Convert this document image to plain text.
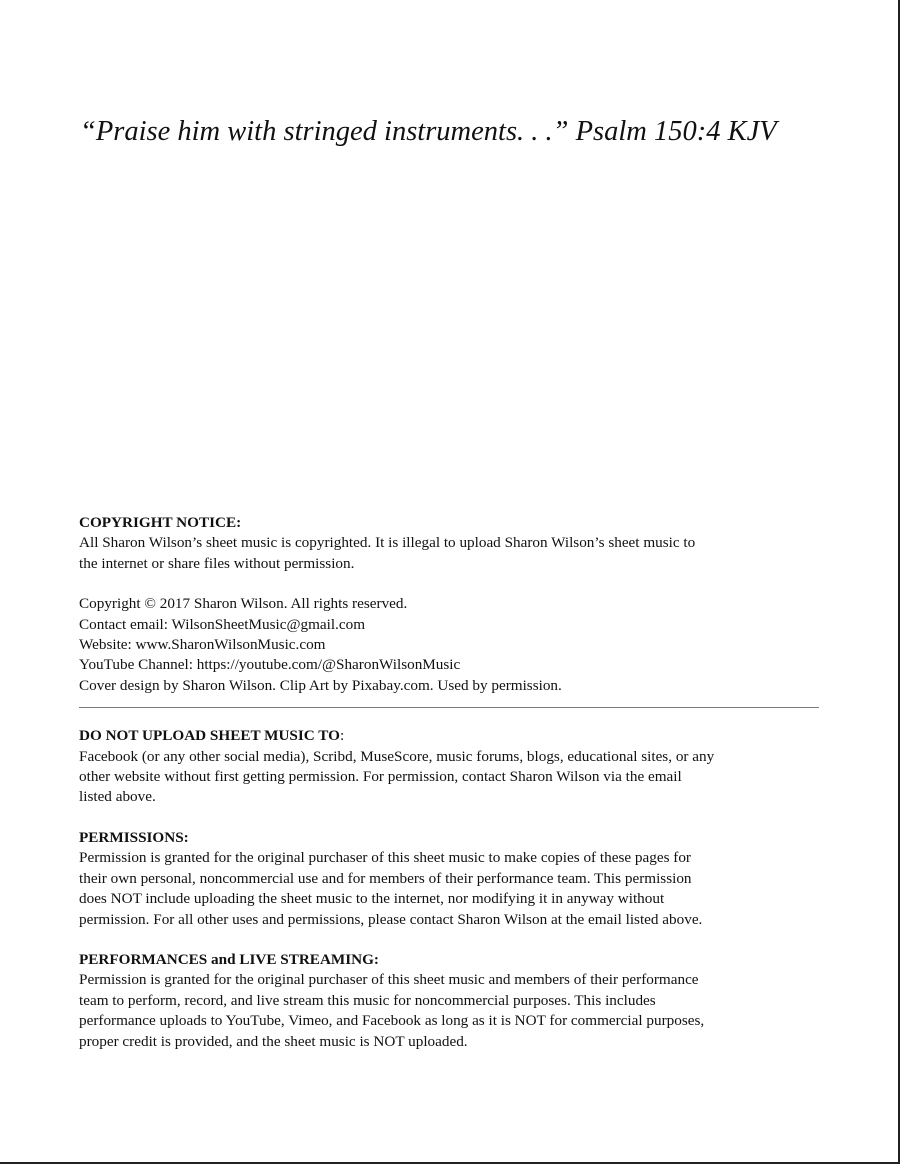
“Praise him with stringed instruments. . .” Psalm 150:4 KJV

COPYRIGHT NOTICE:

All Sharon Wilson’s sheet music is copyrighted. It is illegal to upload Sharon Wilson’s sheet music to
the internet or share files without permission.

Copyright © 2017 Sharon Wilson. All rights reserved.
Contact email: WilsonSheetMusic@gmail.com
Website: www.SharonWilsonMusic.com
YouTube Channel: https://youtube.com/@SharonWilsonMusic
Cover design by Sharon Wilson. Clip Art by Pixabay.com. Used by permission.

DO NOT UPLOAD SHEET MUSIC TO:

Facebook (or any other social media), Scribd, MuseScore, music forums, blogs, educational sites, or any
other website without first getting permission. For permission, contact Sharon Wilson via the email
listed above.

PERMISSIONS:

Permission is granted for the original purchaser of this sheet music to make copies of these pages for
their own personal, noncommercial use and for members of their performance team. This permission
does NOT include uploading the sheet music to the internet, nor modifying it in anyway without
permission. For all other uses and permissions, please contact Sharon Wilson at the email listed above.

PERFORMANCES and LIVE STREAMING:

Permission is granted for the original purchaser of this sheet music and members of their performance
team to perform, record, and live stream this music for noncommercial purposes. This includes
performance uploads to YouTube, Vimeo, and Facebook as long as it is NOT for commercial purposes,
proper credit is provided, and the sheet music is NOT uploaded.
